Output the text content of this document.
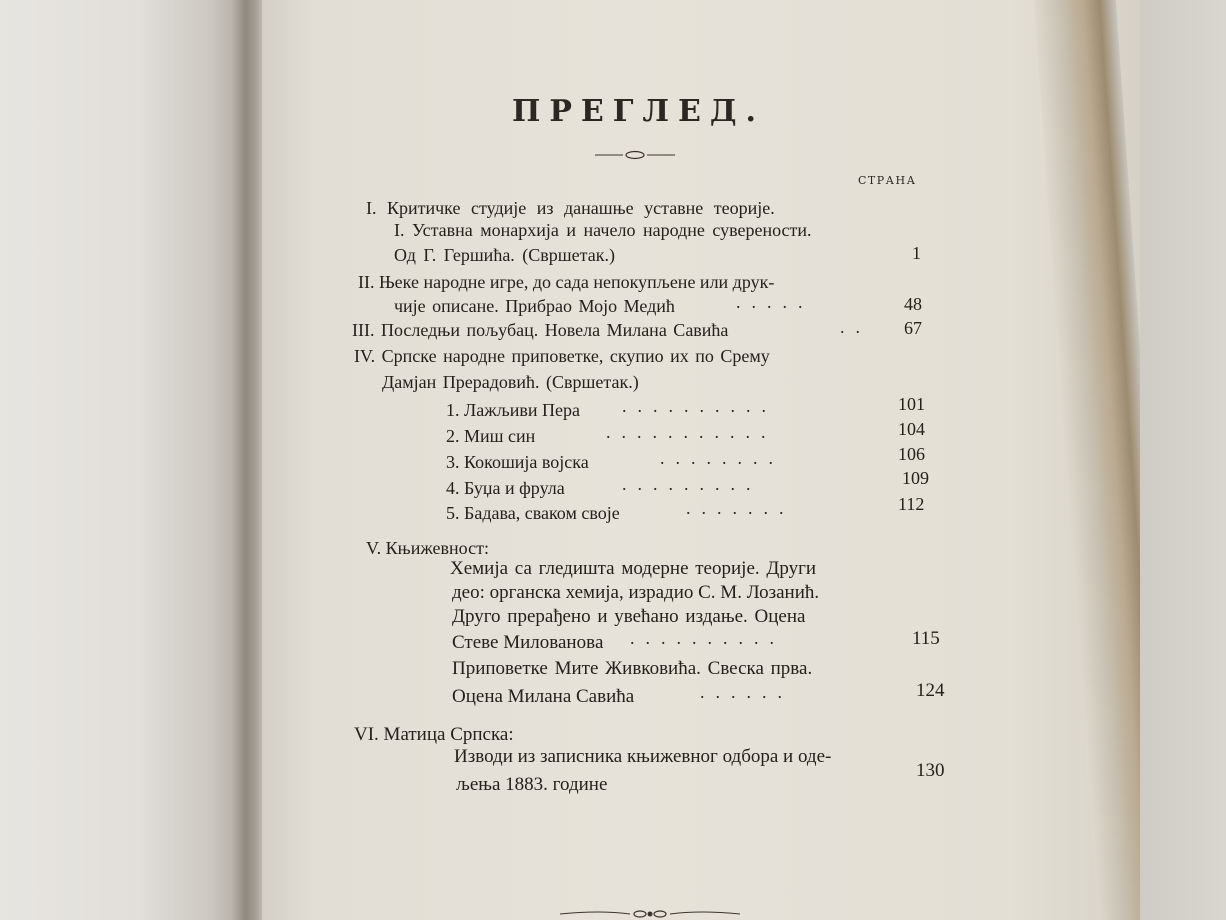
ПРЕГЛЕД.
СТРАНА
I. Критичке студије из данашње уставне теорије.
I. Уставна монархија и начело народне суверености.
Од Г. Гершића. (Свршетак.)	1
II. Њеке народне игре, до сада непокупљене или друк-
чије описане. Прибрао Мојо Медић	.....	48
III. Последњи пољубац. Новела Милана Савића	.. 67
IV. Српске народне приповетке, скупио их по Срему
Дамјан Прерадовић. (Свршетак.)
1. Лажљиви Пера ..........	101
2. Миш син	...........	104
3. Кокошија војска	........	106
4. Буџа и фрула	.........	109
5. Бадава, сваком своје	.......	112
V. Књижевност:
Хемија са гледишта модерне теорије. Други
део: органска хемија, израдио С. М. Лозанић.
Друго прерађено и увећано издање. Оцена
Стеве Миловановa ..........	115
Приповетке Мите Живковића. Свеска прва.
Оцена Милана Савића	......	124
VI. Матица Српска:
Изводи из записника књижевног одбора и оде-
љења 1883. године
130
